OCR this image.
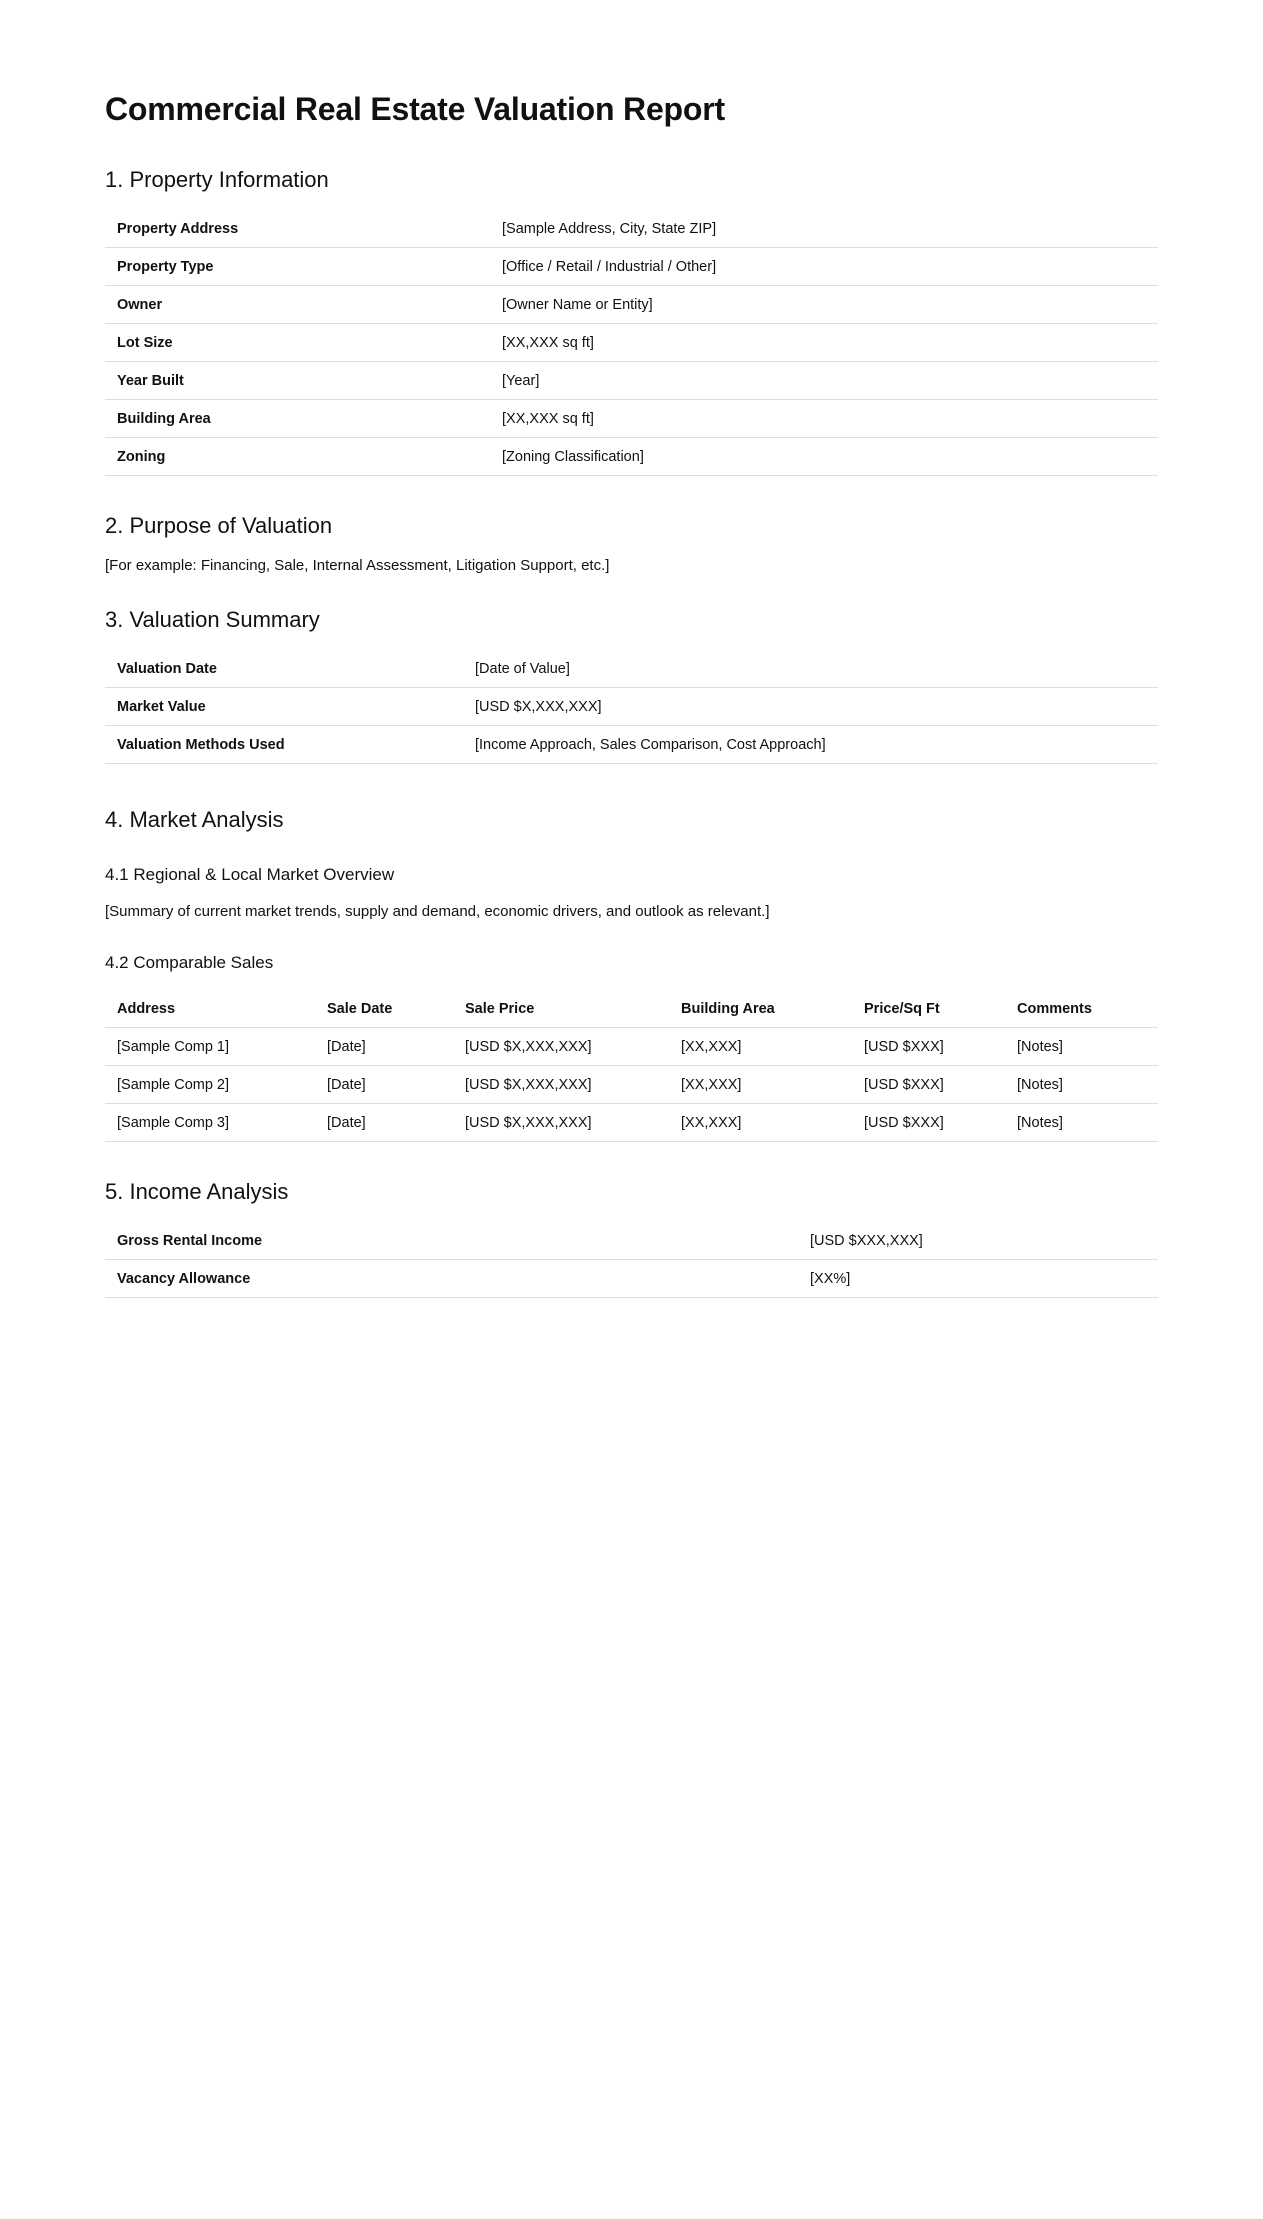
Commercial Real Estate Valuation Report
1. Property Information
Property Address	[Sample Address, City, State ZIP]
Property Type	[Office / Retail / Industrial / Other]
Owner	[Owner Name or Entity]
Lot Size	[XX,XXX sq ft]
Year Built	[Year]
Building Area	[XX,XXX sq ft]
Zoning	[Zoning Classification]
2. Purpose of Valuation

[For example: Financing, Sale, Internal Assessment, Litigation Support, etc.]

3. Valuation Summary
Valuation Date	[Date of Value]
Market Value	[USD $X,XXX,XXX]
Valuation Methods Used	[Income Approach, Sales Comparison, Cost Approach]
4. Market Analysis
4.1 Regional & Local Market Overview

[Summary of current market trends, supply and demand, economic drivers, and outlook as relevant.]

4.2 Comparable Sales
Address	Sale Date	Sale Price	Building Area	Price/Sq Ft	Comments
[Sample Comp 1]	[Date]	[USD $X,XXX,XXX]	[XX,XXX]	[USD $XXX]	[Notes]
[Sample Comp 2]	[Date]	[USD $X,XXX,XXX]	[XX,XXX]	[USD $XXX]	[Notes]
[Sample Comp 3]	[Date]	[USD $X,XXX,XXX]	[XX,XXX]	[USD $XXX]	[Notes]
5. Income Analysis
Gross Rental Income	[USD $XXX,XXX]
Vacancy Allowance	[XX%]
